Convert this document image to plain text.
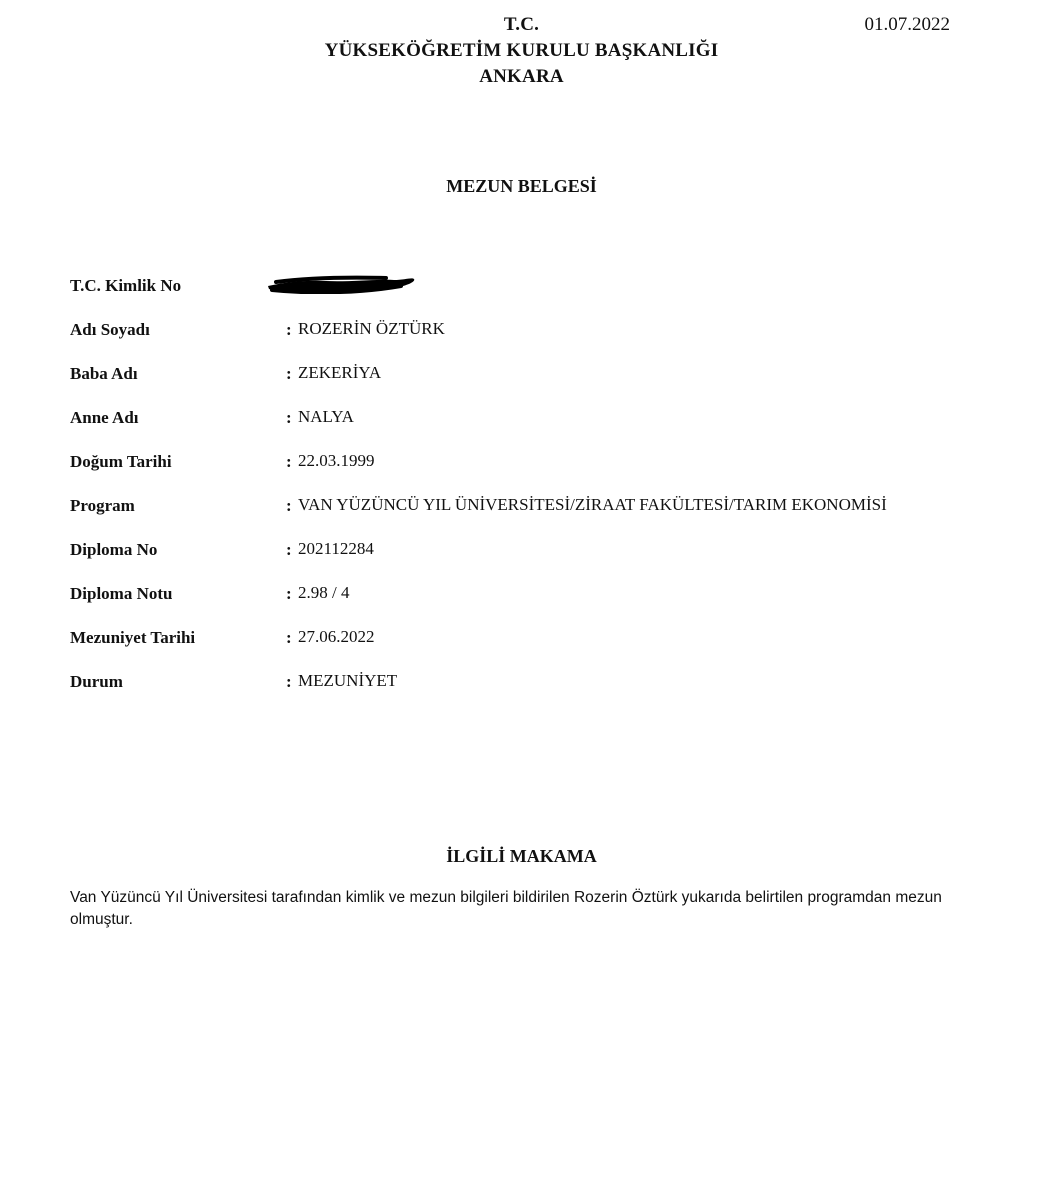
T.C.
YÜKSEKÖĞRETİM KURULU BAŞKANLIĞI
ANKARA
01.07.2022
MEZUN BELGESİ
T.C. Kimlik No
Adı Soyadı	: ROZERİN ÖZTÜRK
Baba Adı	: ZEKERİYA
Anne Adı	: NALYA
Doğum Tarihi	: 22.03.1999
Program	: VAN YÜZÜNCÜ YIL ÜNİVERSİTESİ/ZİRAAT FAKÜLTESİ/TARIM EKONOMİSİ
Diploma No	: 202112284
Diploma Notu	: 2.98 / 4
Mezuniyet Tarihi	: 27.06.2022
Durum	: MEZUNİYET
İLGİLİ MAKAMA
Van Yüzüncü Yıl Üniversitesi tarafından kimlik ve mezun bilgileri bildirilen Rozerin Öztürk yukarıda belirtilen programdan mezun olmuştur.
